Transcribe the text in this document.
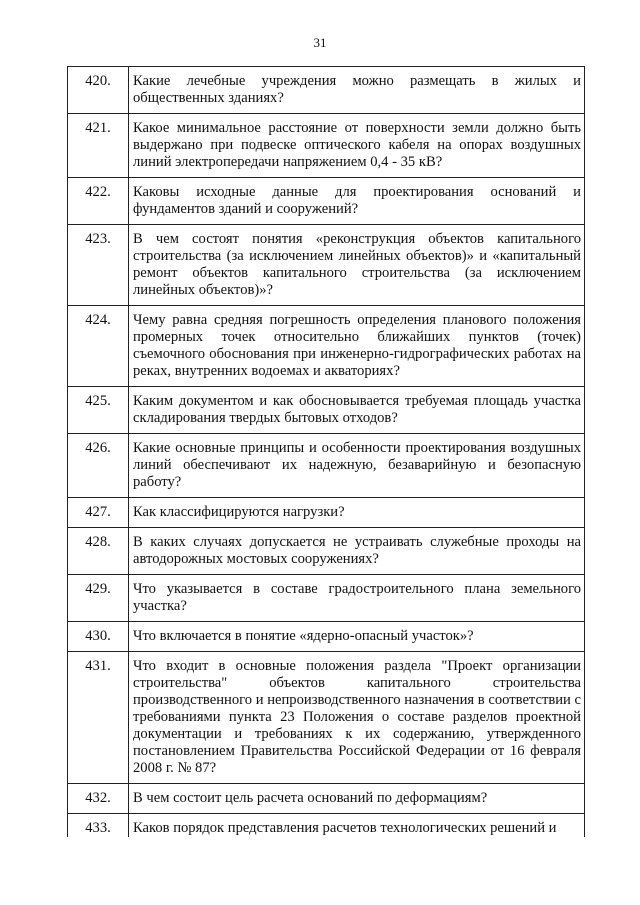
31
420.	Какие лечебные учреждения можно размещать в жилых и общественных зданиях?
421.	Какое минимальное расстояние от поверхности земли должно быть выдержано при подвеске оптического кабеля на опорах воздушных линий электропередачи напряжением 0,4 - 35 кВ?
422.	Каковы исходные данные для проектирования оснований и фундаментов зданий и сооружений?
423.	В чем состоят понятия «реконструкция объектов капитального строительства (за исключением линейных объектов)» и «капитальный ремонт объектов капитального строительства (за исключением линейных объектов)»?
424.	Чему равна средняя погрешность определения планового положения промерных точек относительно ближайших пунктов (точек) съемочного обоснования при инженерно-гидрографических работах на реках, внутренних водоемах и акваториях?
425.	Каким документом и как обосновывается требуемая площадь участка складирования твердых бытовых отходов?
426.	Какие основные принципы и особенности проектирования воздушных линий обеспечивают их надежную, безаварийную и безопасную работу?
427.	Как классифицируются нагрузки?
428.	В каких случаях допускается не устраивать служебные проходы на автодорожных мостовых сооружениях?
429.	Что указывается в составе градостроительного плана земельного участка?
430.	Что включается в понятие «ядерно-опасный участок»?
431.	Что входит в основные положения раздела "Проект организации строительства" объектов капитального строительства производственного и непроизводственного назначения в соответствии с требованиями пункта 23 Положения о составе разделов проектной документации и требованиях к их содержанию, утвержденного постановлением Правительства Российской Федерации от 16 февраля 2008 г. № 87?
432.	В чем состоит цель расчета оснований по деформациям?
433.	Каков порядок представления расчетов технологических решений и
